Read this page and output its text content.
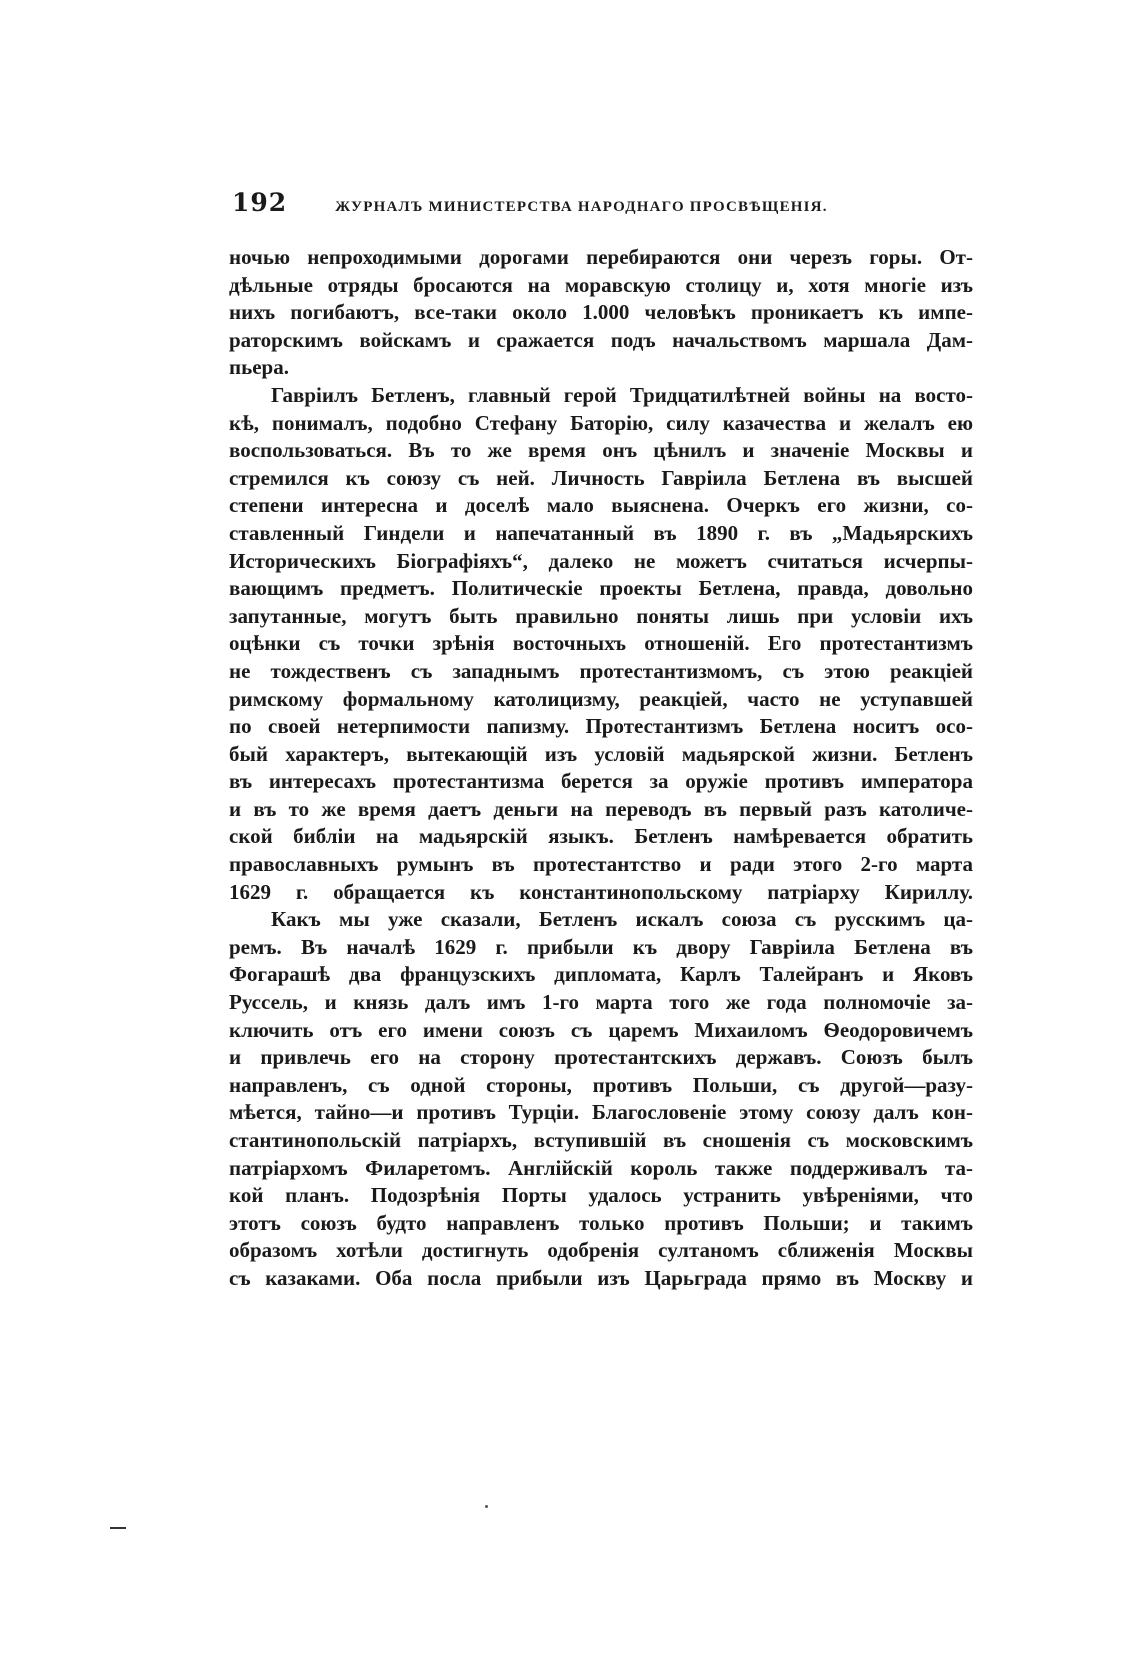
192	ЖУРНАЛЪ МИНИСТЕРСТВА НАРОДНАГО ПРОСВѢЩЕНІЯ.
ночью непроходимыми дорогами перебираются они черезъ горы. От-
дѣльные отряды бросаются на моравскую столицу и, хотя многіе изъ
нихъ погибаютъ, все-таки около 1.000 человѣкъ проникаетъ къ импе-
раторскимъ войскамъ и сражается подъ начальствомъ маршала Дам-
пьера.
Гавріилъ Бетленъ, главный герой Тридцатилѣтней войны на восто-
кѣ, понималъ, подобно Стефану Баторію, силу казачества и желалъ ею
воспользоваться. Въ то же время онъ цѣнилъ и значеніе Москвы и
стремился къ союзу съ ней. Личность Гавріила Бетлена въ высшей
степени интересна и доселѣ мало выяснена. Очеркъ его жизни, со-
ставленный Гиндели и напечатанный въ 1890 г. въ „Мадьярскихъ
Историческихъ Біографіяхъ“, далеко не можетъ считаться исчерпы-
вающимъ предметъ. Политическіе проекты Бетлена, правда, довольно
запутанные, могутъ быть правильно поняты лишь при условіи ихъ
оцѣнки съ точки зрѣнія восточныхъ отношеній. Его протестантизмъ
не тождественъ съ западнымъ протестантизмомъ, съ этою реакціей
римскому формальному католицизму, реакціей, часто не уступавшей
по своей нетерпимости папизму. Протестантизмъ Бетлена носитъ осо-
бый характеръ, вытекающій изъ условій мадьярской жизни. Бетленъ
въ интересахъ протестантизма берется за оружіе противъ императора
и въ то же время даетъ деньги на переводъ въ первый разъ католиче-
ской библіи на мадьярскій языкъ. Бетленъ намѣревается обратить
православныхъ румынъ въ протестантство и ради этого 2-го марта
1629 г. обращается къ константинопольскому патріарху Кириллу.
Какъ мы уже сказали, Бетленъ искалъ союза съ русскимъ ца-
ремъ. Въ началѣ 1629 г. прибыли къ двору Гавріила Бетлена въ
Фогарашѣ два французскихъ дипломата, Карлъ Талейранъ и Яковъ
Руссель, и князь далъ имъ 1-го марта того же года полномочіе за-
ключить отъ его имени союзъ съ царемъ Михаиломъ Ѳеодоровичемъ
и привлечь его на сторону протестантскихъ державъ. Союзъ былъ
направленъ, съ одной стороны, противъ Польши, съ другой—разу-
мѣется, тайно—и противъ Турціи. Благословеніе этому союзу далъ кон-
стантинопольскій патріархъ, вступившій въ сношенія съ московскимъ
патріархомъ Филаретомъ. Англійскій король также поддерживалъ та-
кой планъ. Подозрѣнія Порты удалось устранить увѣреніями, что
этотъ союзъ будто направленъ только противъ Польши; и такимъ
образомъ хотѣли достигнуть одобренія султаномъ сближенія Москвы
съ казаками. Оба посла прибыли изъ Царьграда прямо въ Москву и
